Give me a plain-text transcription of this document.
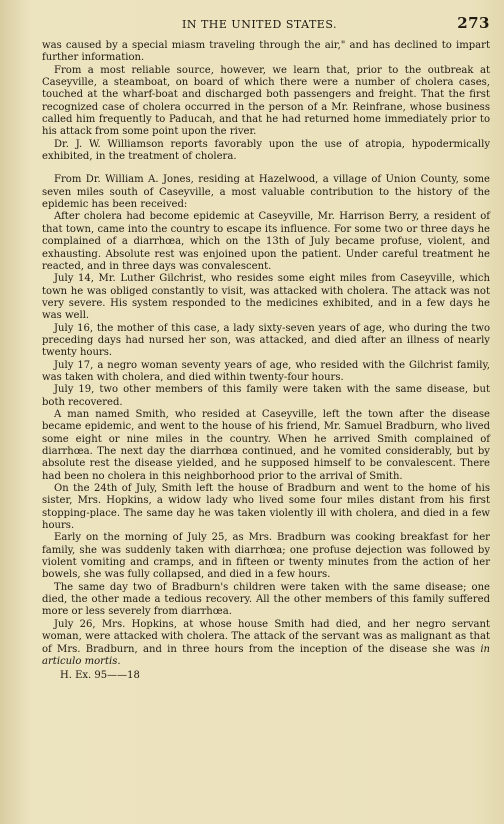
IN THE UNITED STATES.	273

was caused by a special miasm traveling through the air," and has declined to impart further information.

From a most reliable source, however, we learn that, prior to the outbreak at Caseyville, a steamboat, on board of which there were a number of cholera cases, touched at the wharf-boat and discharged both passengers and freight. That the first recognized case of cholera occurred in the person of a Mr. Reinfrane, whose business called him frequently to Paducah, and that he had returned home immediately prior to his attack from some point upon the river.

Dr. J. W. Williamson reports favorably upon the use of atropia, hypodermically exhibited, in the treatment of cholera.

From Dr. William A. Jones, residing at Hazelwood, a village of Union County, some seven miles south of Caseyville, a most valuable contribution to the history of the epidemic has been received:

After cholera had become epidemic at Caseyville, Mr. Harrison Berry, a resident of that town, came into the country to escape its influence. For some two or three days he complained of a diarrhœa, which on the 13th of July became profuse, violent, and exhausting. Absolute rest was enjoined upon the patient. Under careful treatment he reacted, and in three days was convalescent.

July 14, Mr. Luther Gilchrist, who resides some eight miles from Caseyville, which town he was obliged constantly to visit, was attacked with cholera. The attack was not very severe. His system responded to the medicines exhibited, and in a few days he was well.

July 16, the mother of this case, a lady sixty-seven years of age, who during the two preceding days had nursed her son, was attacked, and died after an illness of nearly twenty hours.

July 17, a negro woman seventy years of age, who resided with the Gilchrist family, was taken with cholera, and died within twenty-four hours.

July 19, two other members of this family were taken with the same disease, but both recovered.

A man named Smith, who resided at Caseyville, left the town after the disease became epidemic, and went to the house of his friend, Mr. Samuel Bradburn, who lived some eight or nine miles in the country. When he arrived Smith complained of diarrhœa. The next day the diarrhœa continued, and he vomited considerably, but by absolute rest the disease yielded, and he supposed himself to be convalescent. There had been no cholera in this neighborhood prior to the arrival of Smith.

On the 24th of July, Smith left the house of Bradburn and went to the home of his sister, Mrs. Hopkins, a widow lady who lived some four miles distant from his first stopping-place. The same day he was taken violently ill with cholera, and died in a few hours.

Early on the morning of July 25, as Mrs. Bradburn was cooking breakfast for her family, she was suddenly taken with diarrhœa; one profuse dejection was followed by violent vomiting and cramps, and in fifteen or twenty minutes from the action of her bowels, she was fully collapsed, and died in a few hours.

The same day two of Bradburn's children were taken with the same disease; one died, the other made a tedious recovery. All the other members of this family suffered more or less severely from diarrhœa.

July 26, Mrs. Hopkins, at whose house Smith had died, and her negro servant woman, were attacked with cholera. The attack of the servant was as malignant as that of Mrs. Bradburn, and in three hours from the inception of the disease she was in articulo mortis.

H. Ex. 95——18
